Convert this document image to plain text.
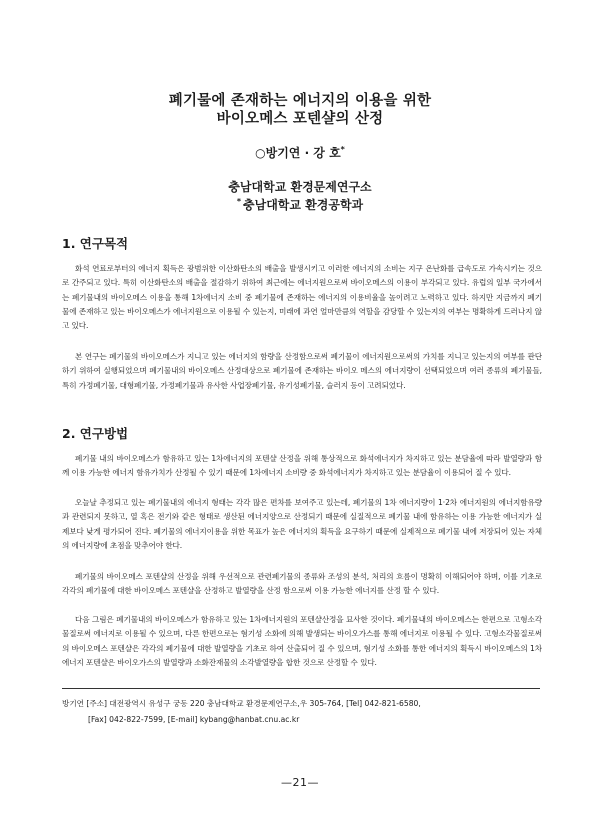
폐기물에 존재하는 에너지의 이용을 위한
바이오메스 포텐샬의 산정
○방기연 · 강 호*
충남대학교 환경문제연구소
* 충남대학교 환경공학과
1. 연구목적

화석 연료로부터의 에너지 획득은 광범위한 이산화탄소의 배출을 발생시키고 이러한 에너지의 소비는 지구 온난화를 급속도로 가속시키는 것으로 간주되고 있다. 특히 이산화탄소의 배출을 절감하기 위하여 최근에는 에너지원으로써 바이오메스의 이용이 부각되고 있다. 유럽의 일부 국가에서는 폐기물내의 바이오메스 이용을 통해 1차에너지 소비 중 폐기물에 존재하는 에너지의 이용비율을 높이려고 노력하고 있다. 하지만 지금까지 폐기물에 존재하고 있는 바이오메스가 에너지원으로 이용될 수 있는지, 미래에 과연 얼마만큼의 역할을 감당할 수 있는지의 여부는 명확하게 드러나지 않고 있다.

본 연구는 폐기물의 바이오메스가 지니고 있는 에너지의 함량을 산정함으로써 폐기물이 에너지원으로써의 가치를 지니고 있는지의 여부를 판단하기 위하여 실행되었으며 폐기물내의 바이오메스 산정대상으로 폐기물에 존재하는 바이오 메스의 에너지량이 선택되었으며 여러 종류의 폐기물들, 특히 가정폐기물, 대형폐기물, 가정폐기물과 유사한 사업장폐기물, 유기성폐기물, 슬러지 등이 고려되었다.

2. 연구방법

폐기물 내의 바이오메스가 함유하고 있는 1차에너지의 포텐샬 산정을 위해 통상적으로 화석에너지가 차지하고 있는 분담율에 따라 발열량과 함께 이용 가능한 에너지 함유가치가 산정될 수 있기 때문에 1차에너지 소비량 중 화석에너지가 차지하고 있는 분담율이 이용되어 질 수 있다.

오늘날 추정되고 있는 폐기물내의 에너지 형태는 각각 많은 편차를 보여주고 있는데, 폐기물의 1차 에너지량이 1·2차 에너지원의 에너지함유량과 관련되지 못하고, 열 혹은 전기와 같은 형태로 생산된 에너지양으로 산정되기 때문에 실질적으로 폐기물 내에 함유하는 이용 가능한 에너지가 실제보다 낮게 평가되어 진다. 폐기물의 에너지이용을 위한 목표가 높은 에너지의 획득을 요구하기 때문에 실제적으로 폐기물 내에 저장되어 있는 자체의 에너지량에 초점을 맞추어야 한다.

폐기물의 바이오메스 포텐샬의 산정을 위해 우선적으로 관련폐기물의 종류와 조성의 분석, 처리의 흐름이 명확히 이해되어야 하며, 이를 기초로 각각의 폐기물에 대한 바이오메스 포텐샬을 산정하고 발열량을 산정 함으로써 이용 가능한 에너지를 산정 할 수 있다.

다음 그림은 폐기물내의 바이오메스가 함유하고 있는 1차에너지원의 포텐샬산정을 묘사한 것이다. 폐기물내의 바이오메스는 한편으로 고형소각물질로써 에너지로 이용될 수 있으며, 다른 한편으로는 혐기성 소화에 의해 발생되는 바이오가스를 통해 에너지로 이용될 수 있다. 고형소각물질로써의 바이오메스 포텐샬은 각각의 폐기물에 대한 발열량을 기초로 하여 산출되어 질 수 있으며, 혐기성 소화를 통한 에너지의 획득시 바이오메스의 1차에너지 포텐샬은 바이오가스의 발열량과 소화잔재물의 소각발열량을 합한 것으로 산정할 수 있다.

방기연 [주소] 대전광역시 유성구 궁동 220 충남대학교 환경문제연구소,우 305-764, [Tel] 042-821-6580,
[Fax] 042-822-7599, [E-mail] kybang@hanbat.cnu.ac.kr
—21—
